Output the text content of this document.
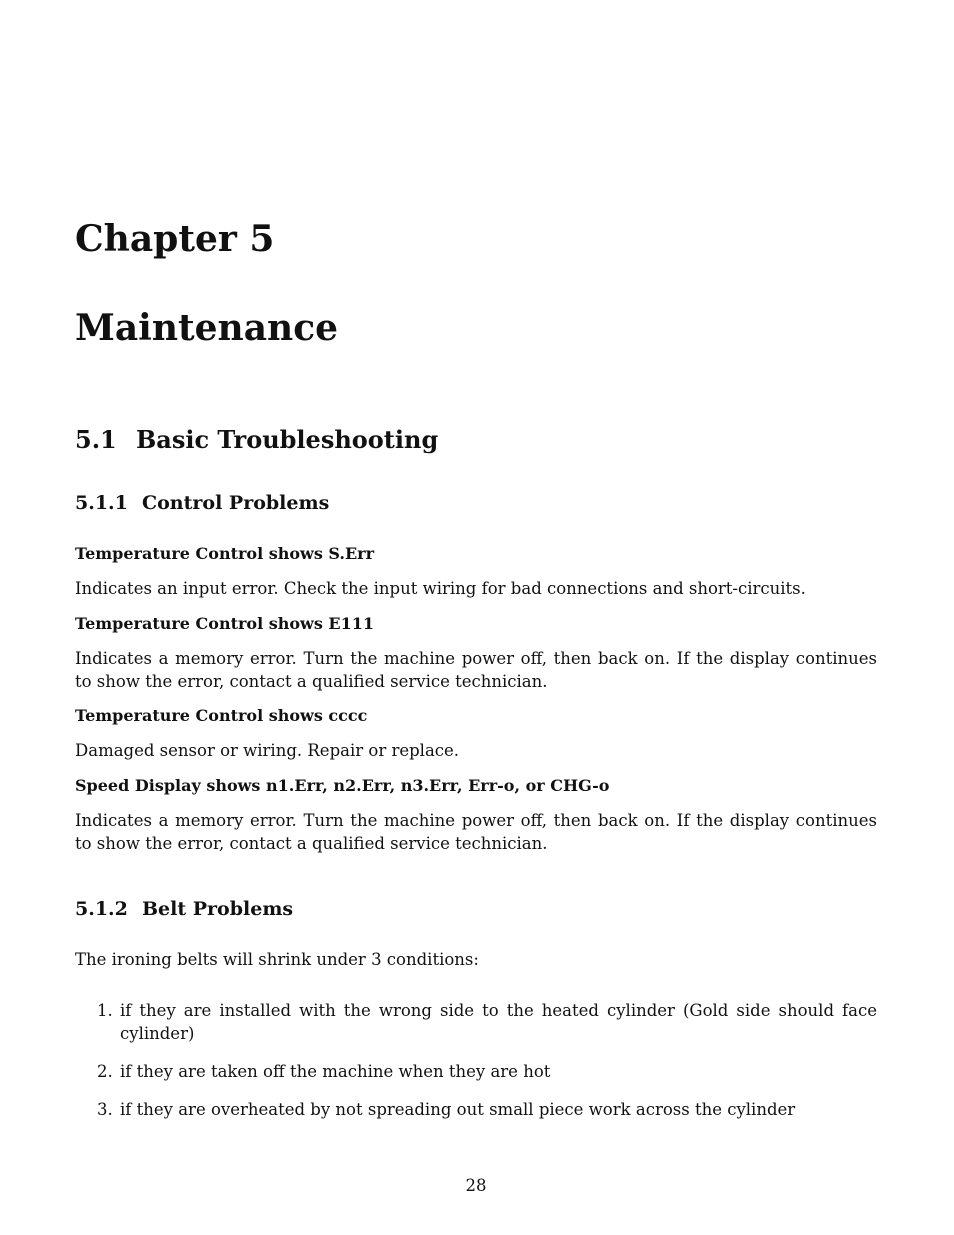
Chapter 5
Maintenance
5.1 Basic Troubleshooting
5.1.1 Control Problems
Temperature Control shows S.Err

Indicates an input error. Check the input wiring for bad connections and short-circuits.

Temperature Control shows E111

Indicates a memory error. Turn the machine power off, then back on. If the display continues to show the error, contact a qualified service technician.

Temperature Control shows cccc

Damaged sensor or wiring. Repair or replace.

Speed Display shows n1.Err, n2.Err, n3.Err, Err-o, or CHG-o

Indicates a memory error. Turn the machine power off, then back on. If the display continues to show the error, contact a qualified service technician.

5.1.2 Belt Problems

The ironing belts will shrink under 3 conditions:

1. if they are installed with the wrong side to the heated cylinder (Gold side should face cylinder)
2. if they are taken off the machine when they are hot
3. if they are overheated by not spreading out small piece work across the cylinder
28
